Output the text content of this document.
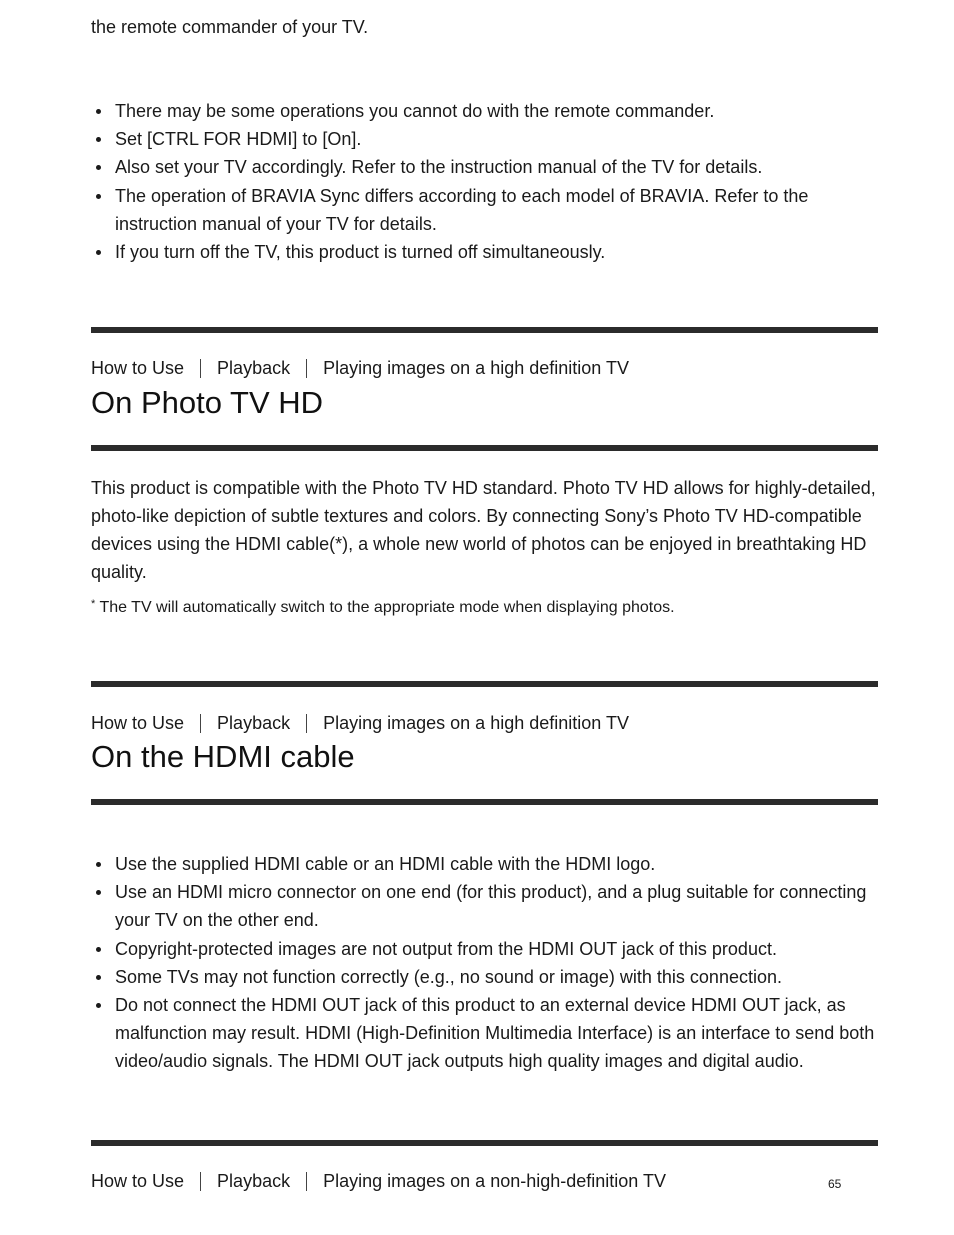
the remote commander of your TV.

There may be some operations you cannot do with the remote commander.
Set [CTRL FOR HDMI] to [On].
Also set your TV accordingly. Refer to the instruction manual of the TV for details.
The operation of BRAVIA Sync differs according to each model of BRAVIA. Refer to the instruction manual of your TV for details.
If you turn off the TV, this product is turned off simultaneously.
How to Use Playback Playing images on a high definition TV
On Photo TV HD

This product is compatible with the Photo TV HD standard. Photo TV HD allows for highly-detailed, photo-like depiction of subtle textures and colors. By connecting Sony’s Photo TV HD-compatible devices using the HDMI cable(*), a whole new world of photos can be enjoyed in breathtaking HD quality.

* The TV will automatically switch to the appropriate mode when displaying photos.

How to Use Playback Playing images on a high definition TV
On the HDMI cable
Use the supplied HDMI cable or an HDMI cable with the HDMI logo.
Use an HDMI micro connector on one end (for this product), and a plug suitable for connecting your TV on the other end.
Copyright-protected images are not output from the HDMI OUT jack of this product.
Some TVs may not function correctly (e.g., no sound or image) with this connection.
Do not connect the HDMI OUT jack of this product to an external device HDMI OUT jack, as malfunction may result. HDMI (High-Definition Multimedia Interface) is an interface to send both video/audio signals. The HDMI OUT jack outputs high quality images and digital audio.
How to Use Playback Playing images on a non-high-definition TV	65
